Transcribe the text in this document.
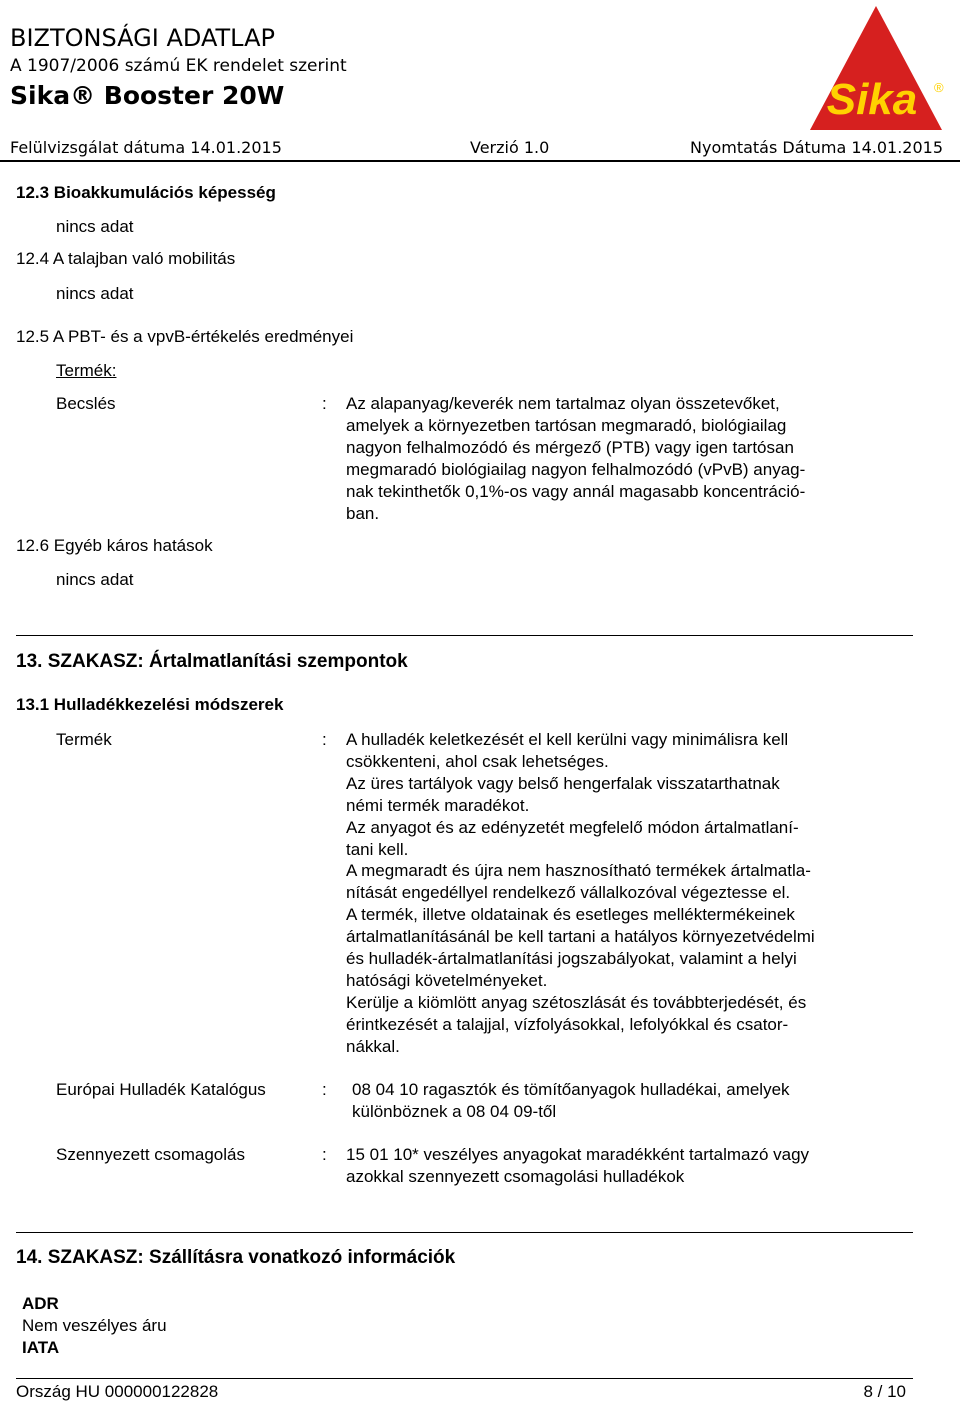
BIZTONSÁGI ADATLAP
A 1907/2006 számú EK rendelet szerint
Sika® Booster 20W
Felülvizsgálat dátuma 14.01.2015	Verzió 1.0	Nyomtatás Dátuma 14.01.2015
Sika ®
12.3 Bioakkumulációs képesség
nincs adat
12.4 A talajban való mobilitás
nincs adat
12.5 A PBT- és a vpvB-értékelés eredményei
Termék:
Becslés	: Az alapanyag/keverék nem tartalmaz olyan összetevőket,
amelyek a környezetben tartósan megmaradó, biológiailag
nagyon felhalmozódó és mérgező (PTB) vagy igen tartósan
megmaradó biológiailag nagyon felhalmozódó (vPvB) anyag-
nak tekinthetők 0,1%-os vagy annál magasabb koncentráció-
ban.
12.6 Egyéb káros hatások
nincs adat
13. SZAKASZ: Ártalmatlanítási szempontok
13.1 Hulladékkezelési módszerek
Termék	: A hulladék keletkezését el kell kerülni vagy minimálisra kell
csökkenteni, ahol csak lehetséges.
Az üres tartályok vagy belső hengerfalak visszatarthatnak
némi termék maradékot.
Az anyagot és az edényzetét megfelelő módon ártalmatlaní-
tani kell.
A megmaradt és újra nem hasznosítható termékek ártalmatla-
nítását engedéllyel rendelkező vállalkozóval végeztesse el.
A termék, illetve oldatainak és esetleges melléktermékeinek
ártalmatlanításánál be kell tartani a hatályos környezetvédelmi
és hulladék-ártalmatlanítási jogszabályokat, valamint a helyi
hatósági követelményeket.
Kerülje a kiömlött anyag szétoszlását és továbbterjedését, és
érintkezését a talajjal, vízfolyásokkal, lefolyókkal és csator-
nákkal.
Európai Hulladék Katalógus	: 08 04 10 ragasztók és tömítőanyagok hulladékai, amelyek
különböznek a 08 04 09-től
Szennyezett csomagolás	: 15 01 10* veszélyes anyagokat maradékként tartalmazó vagy
azokkal szennyezett csomagolási hulladékok
14. SZAKASZ: Szállításra vonatkozó információk
ADR
Nem veszélyes áru
IATA
Ország HU 000000122828	8 / 10
